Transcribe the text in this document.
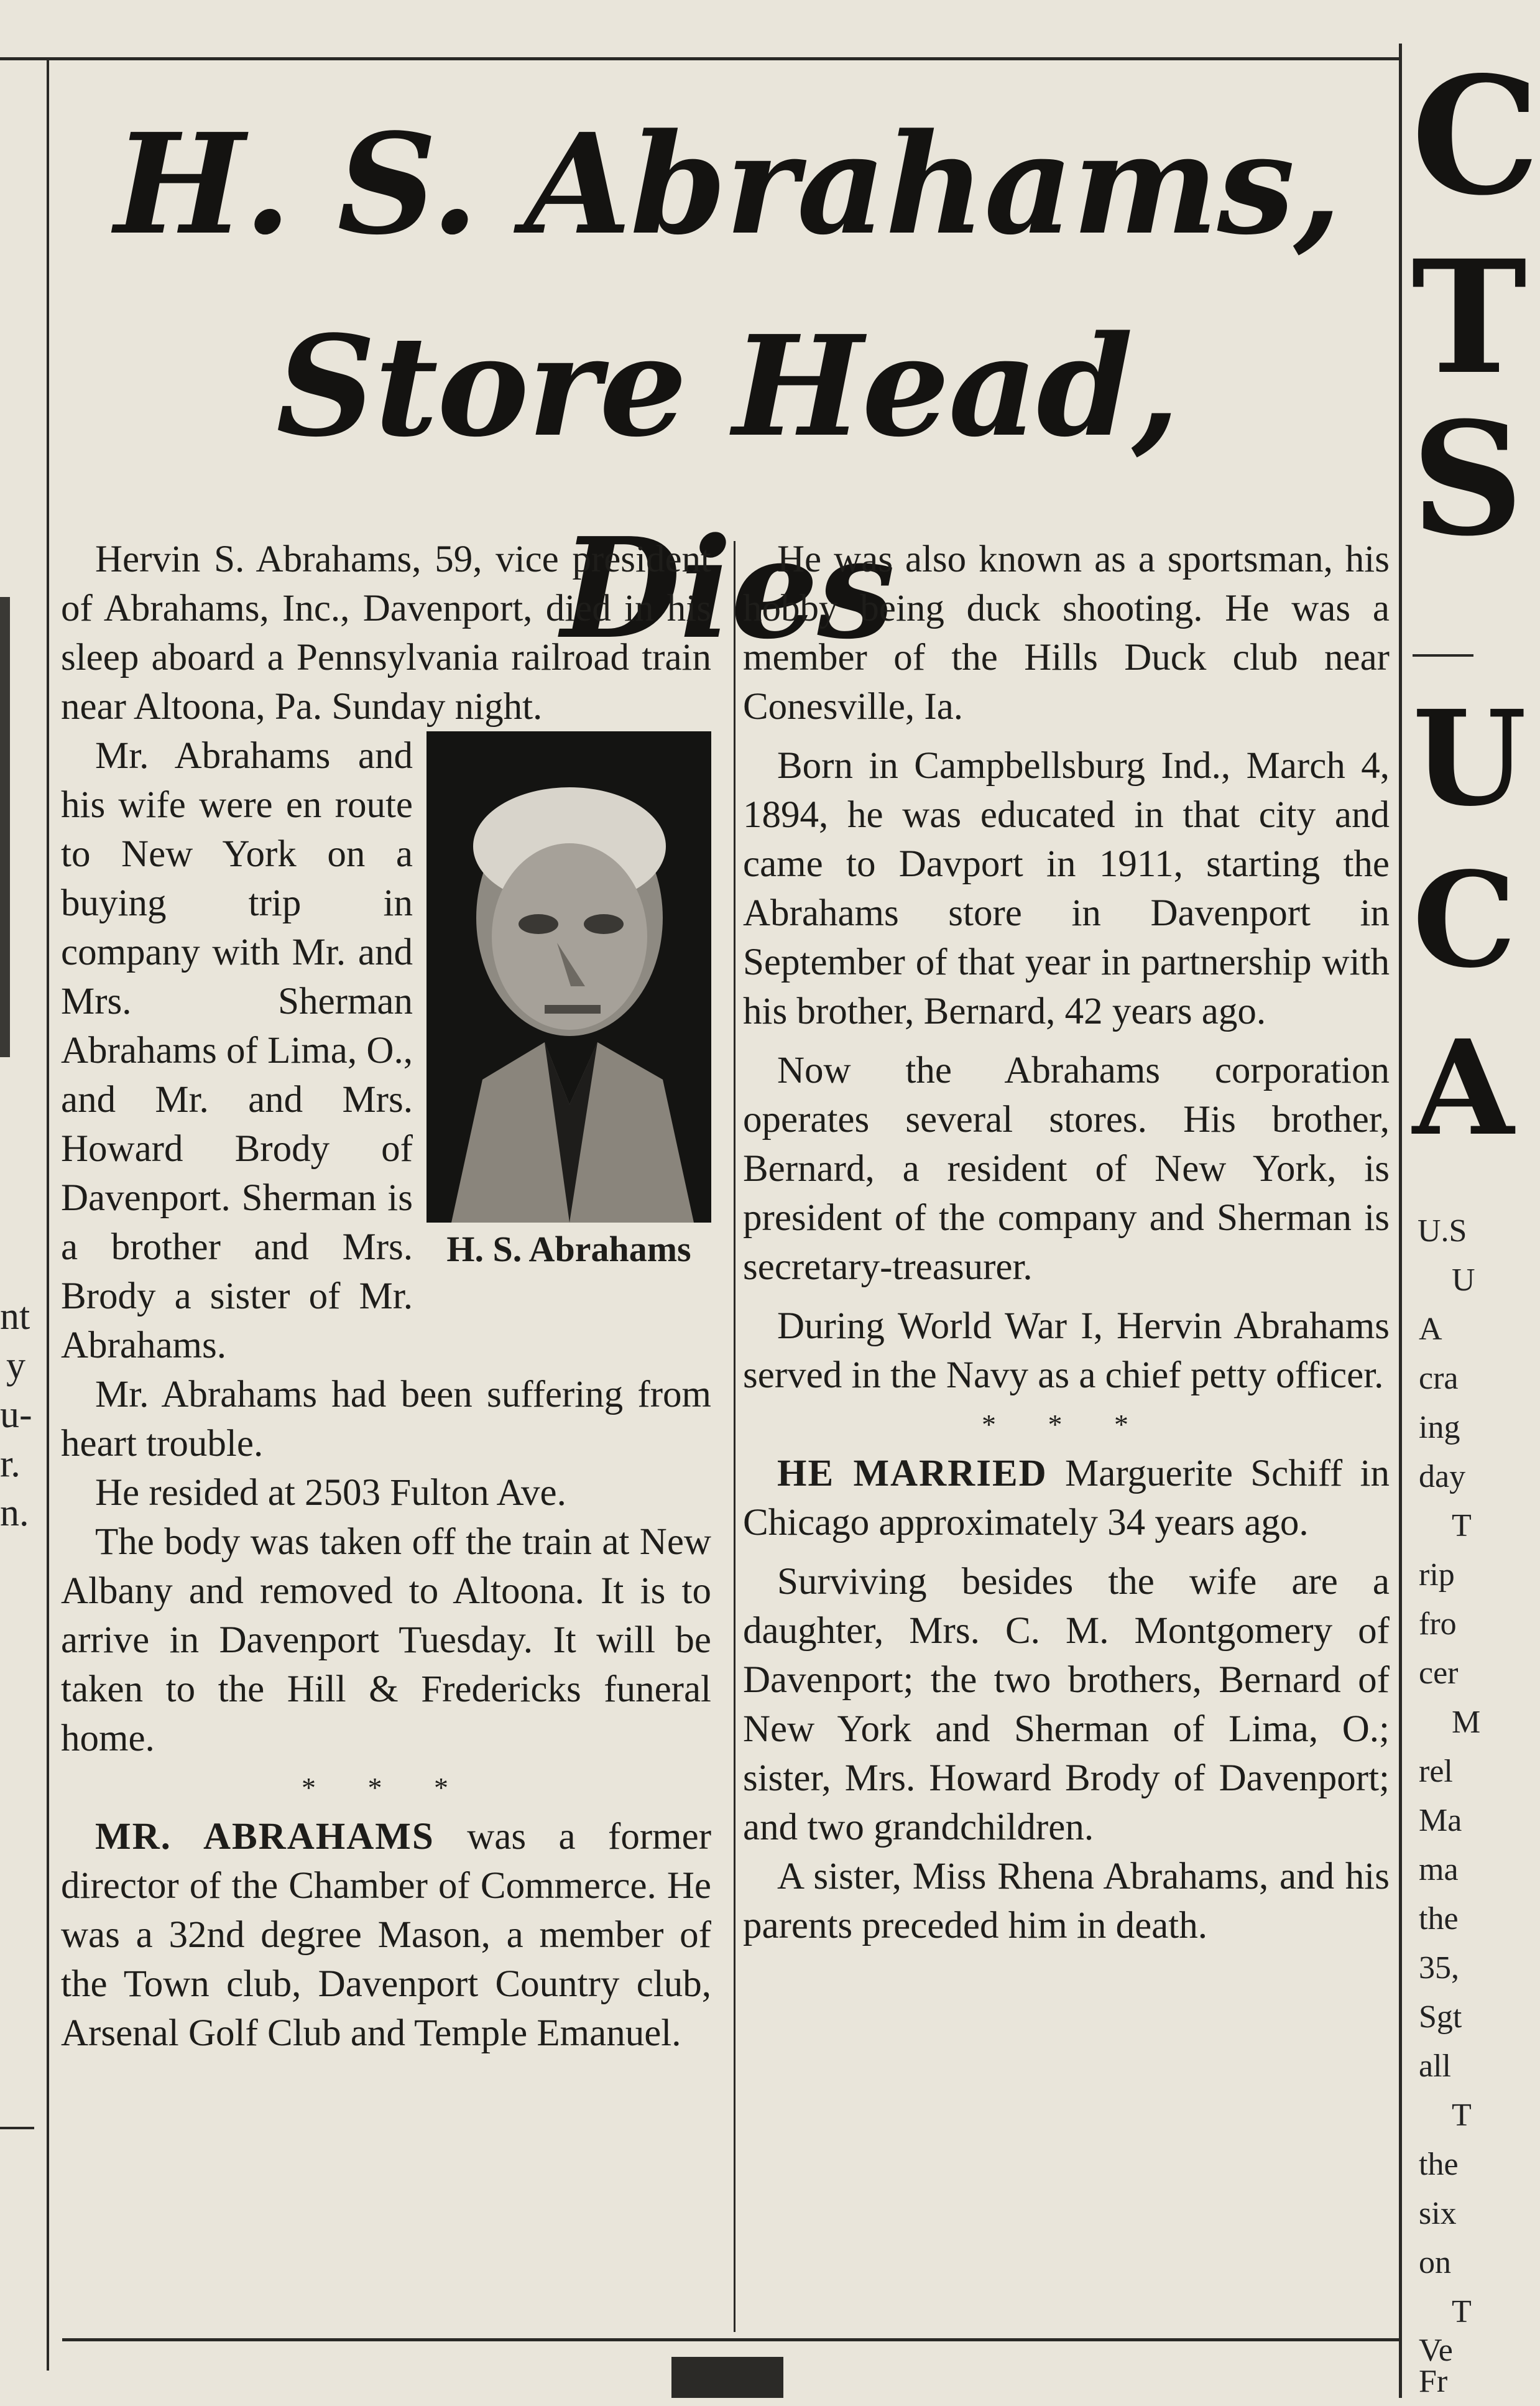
nt
y
u-
r.
n.
H. S. Abrahams,
Store Head, Dies

Hervin S. Abrahams, 59, vice president of Abrahams, Inc., Davenport, died in his sleep aboard a Pennsylvania railroad train near Altoona, Pa. Sunday night.

H. S. Abrahams

Mr. Abrahams and his wife were en route to New York on a buying trip in company with Mr. and Mrs. Sherman Abrahams of Lima, O., and Mr. and Mrs. Howard Brody of Davenport. Sherman is a brother and Mrs. Brody a sister of Mr. Abrahams.

Mr. Abrahams had been suffering from heart trouble.

He resided at 2503 Fulton Ave.

The body was taken off the train at New Albany and removed to Altoona. It is to arrive in Davenport Tuesday. It will be taken to the Hill & Fredericks funeral home.

* * *

MR. ABRAHAMS was a former director of the Chamber of Commerce. He was a 32nd degree Mason, a member of the Town club, Davenport Country club, Arsenal Golf Club and Temple Emanuel.

He was also known as a sportsman, his hobby being duck shooting. He was a member of the Hills Duck club near Conesville, Ia.

Born in Campbellsburg Ind., March 4, 1894, he was educated in that city and came to Davport in 1911, starting the Abrahams store in Davenport in September of that year in partnership with his brother, Bernard, 42 years ago.

Now the Abrahams corporation operates several stores. His brother, Bernard, a resident of New York, is president of the company and Sherman is secretary-treasurer.

During World War I, Hervin Abrahams served in the Navy as a chief petty officer.

* * *

HE MARRIED Marguerite Schiff in Chicago approximately 34 years ago.

Surviving besides the wife are a daughter, Mrs. C. M. Montgomery of Davenport; the two brothers, Bernard of New York and Sherman of Lima, O.; sister, Mrs. Howard Brody of Davenport; and two grandchildren.

A sister, Miss Rhena Abrahams, and his parents preceded him in death.

C
T
S
U
C
A
U.S
U
A
cra
ing
day
T
rip
fro
cer
M
rel
Ma
ma
the
35,
Sgt
all
T
the
six
on
T
Ve
Fr
